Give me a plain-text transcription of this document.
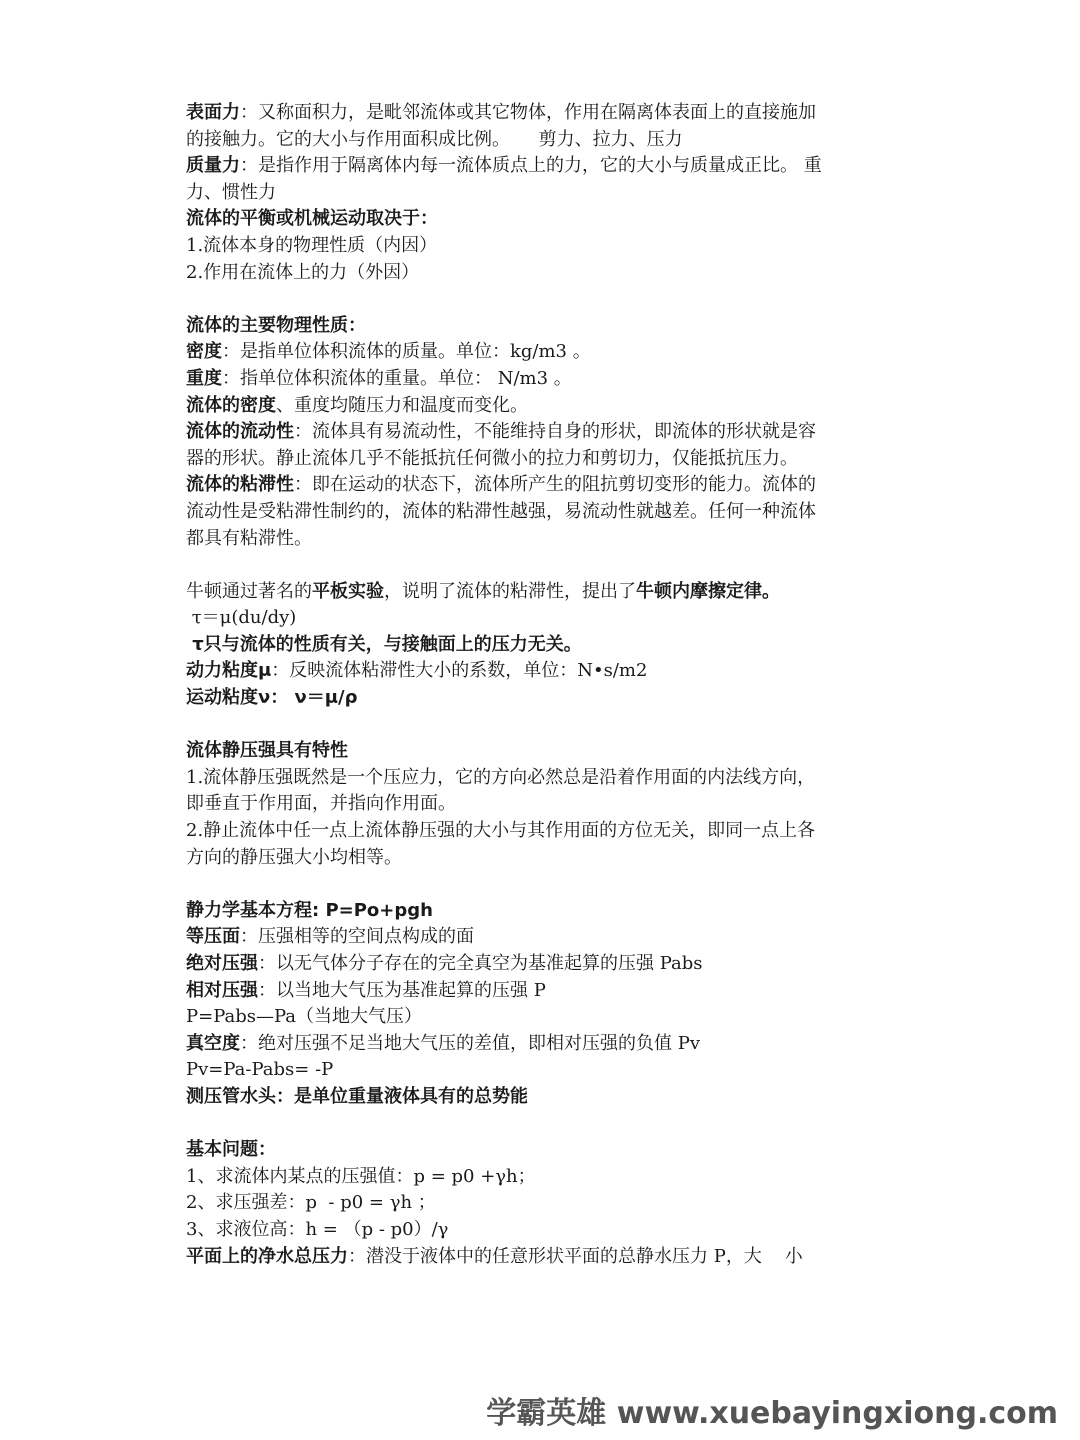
表面力：又称面积力，是毗邻流体或其它物体，作用在隔离体表面上的直接施加
的接触力。它的大小与作用面积成比例。     剪力、拉力、压力
质量力：是指作用于隔离体内每一流体质点上的力，它的大小与质量成正比。 重
力、惯性力
流体的平衡或机械运动取决于：
1.流体本身的物理性质（内因）
2.作用在流体上的力（外因）
流体的主要物理性质：
密度：是指单位体积流体的质量。单位：kg/m3 。
重度：指单位体积流体的重量。单位： N/m3 。
流体的密度、重度均随压力和温度而变化。
流体的流动性：流体具有易流动性，不能维持自身的形状，即流体的形状就是容
器的形状。静止流体几乎不能抵抗任何微小的拉力和剪切力，仅能抵抗压力。
流体的粘滞性：即在运动的状态下，流体所产生的阻抗剪切变形的能力。流体的
流动性是受粘滞性制约的，流体的粘滞性越强，易流动性就越差。任何一种流体
都具有粘滞性。
牛顿通过著名的平板实验，说明了流体的粘滞性，提出了牛顿内摩擦定律。
τ＝μ(du/dy)
τ只与流体的性质有关，与接触面上的压力无关。
动力粘度μ：反映流体粘滞性大小的系数，单位：N•s/m2
运动粘度ν： ν＝μ/ρ
流体静压强具有特性
1.流体静压强既然是一个压应力，它的方向必然总是沿着作用面的内法线方向，
即垂直于作用面，并指向作用面。
2.静止流体中任一点上流体静压强的大小与其作用面的方位无关，即同一点上各
方向的静压强大小均相等。
静力学基本方程: P=Po+pgh
等压面：压强相等的空间点构成的面
绝对压强：以无气体分子存在的完全真空为基准起算的压强 Pabs
相对压强：以当地大气压为基准起算的压强 P
P=Pabs—Pa（当地大气压）
真空度：绝对压强不足当地大气压的差值，即相对压强的负值 Pv
Pv=Pa-Pabs= -P
测压管水头：是单位重量液体具有的总势能
基本问题：
1、求流体内某点的压强值：p = p0 +γh；
2、求压强差：p  - p0 = γh ；
3、求液位高：h = （p - p0）/γ
平面上的净水总压力：潜没于液体中的任意形状平面的总静水压力 P，大    小
学霸英雄 www.xuebayingxiong.com
